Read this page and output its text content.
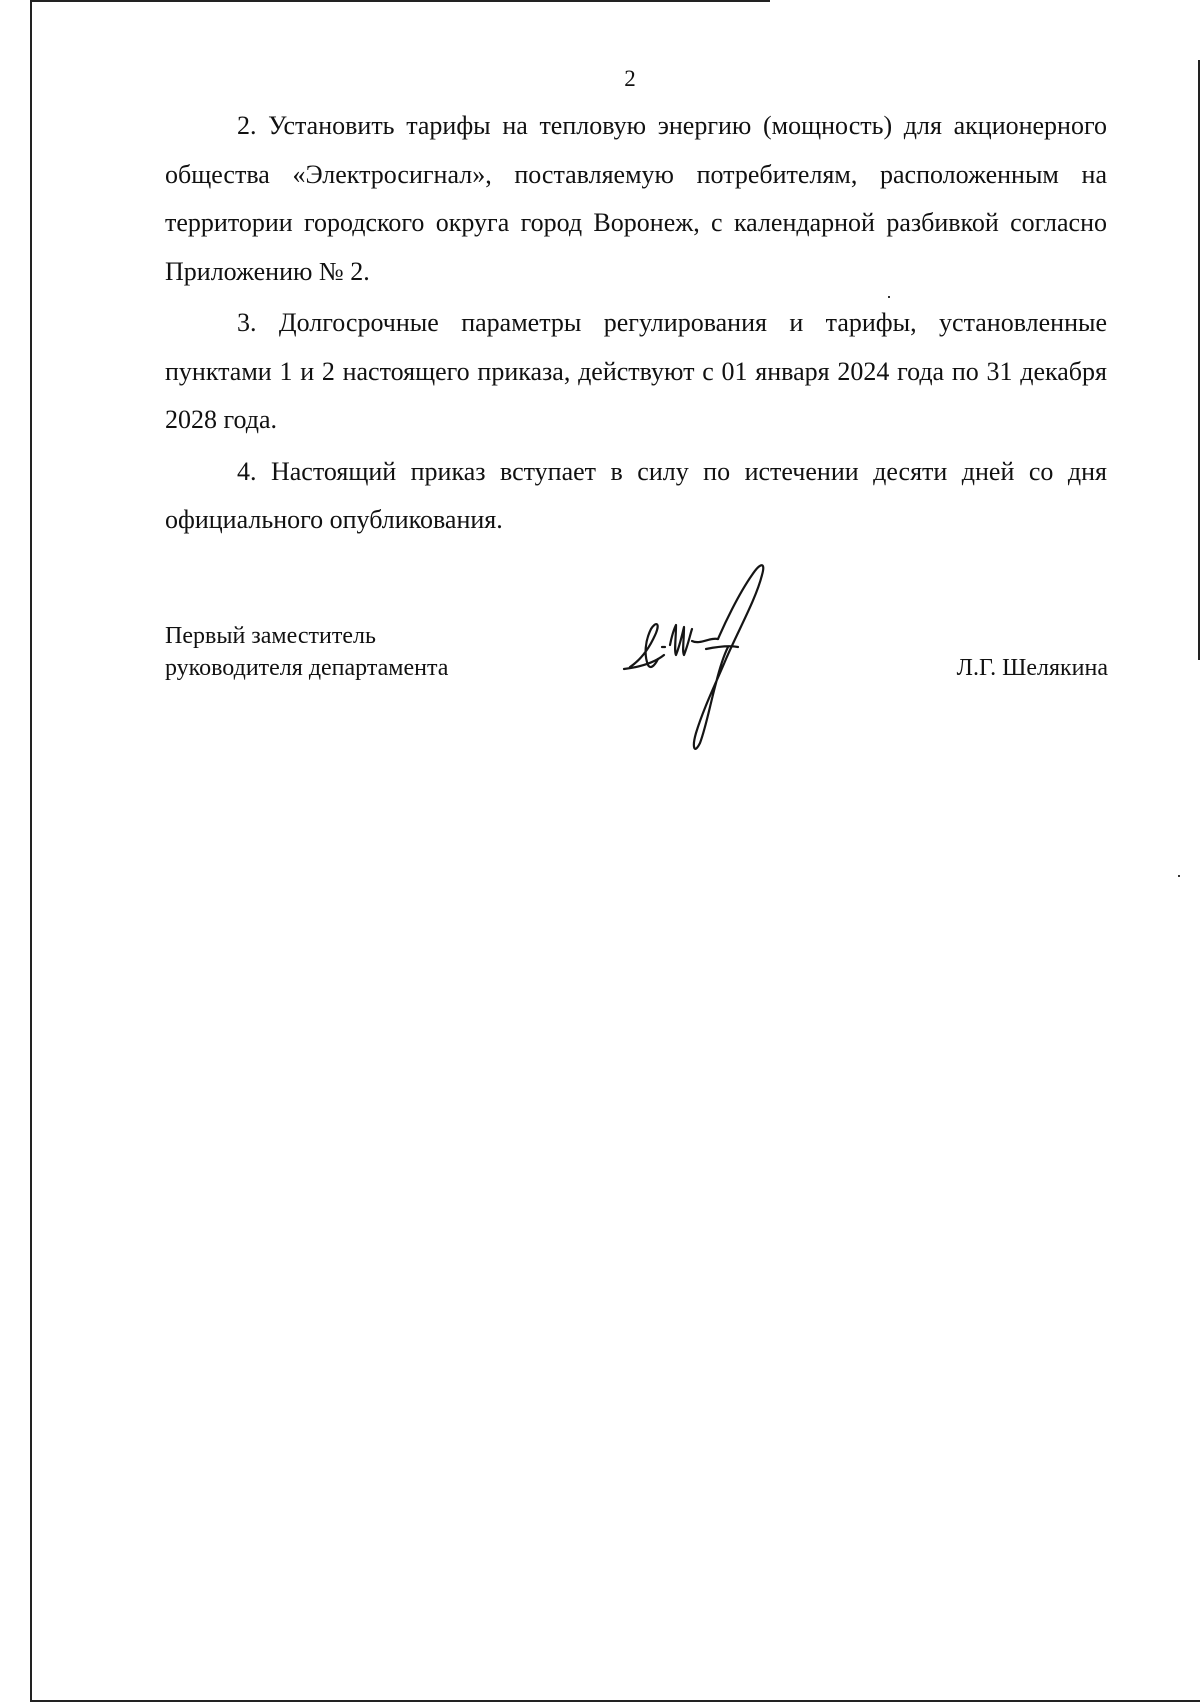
2

2. Установить тарифы на тепловую энергию (мощность) для акционерного общества «Электросигнал», поставляемую потребителям, расположенным на территории городского округа город Воронеж, с календарной разбивкой согласно Приложению № 2.

3. Долгосрочные параметры регулирования и тарифы, установленные пунктами 1 и 2 настоящего приказа, действуют с 01 января 2024 года по 31 декабря 2028 года.

4. Настоящий приказ вступает в силу по истечении десяти дней со дня официального опубликования.

Первый заместитель
руководителя департамента	Л.Г. Шелякина
